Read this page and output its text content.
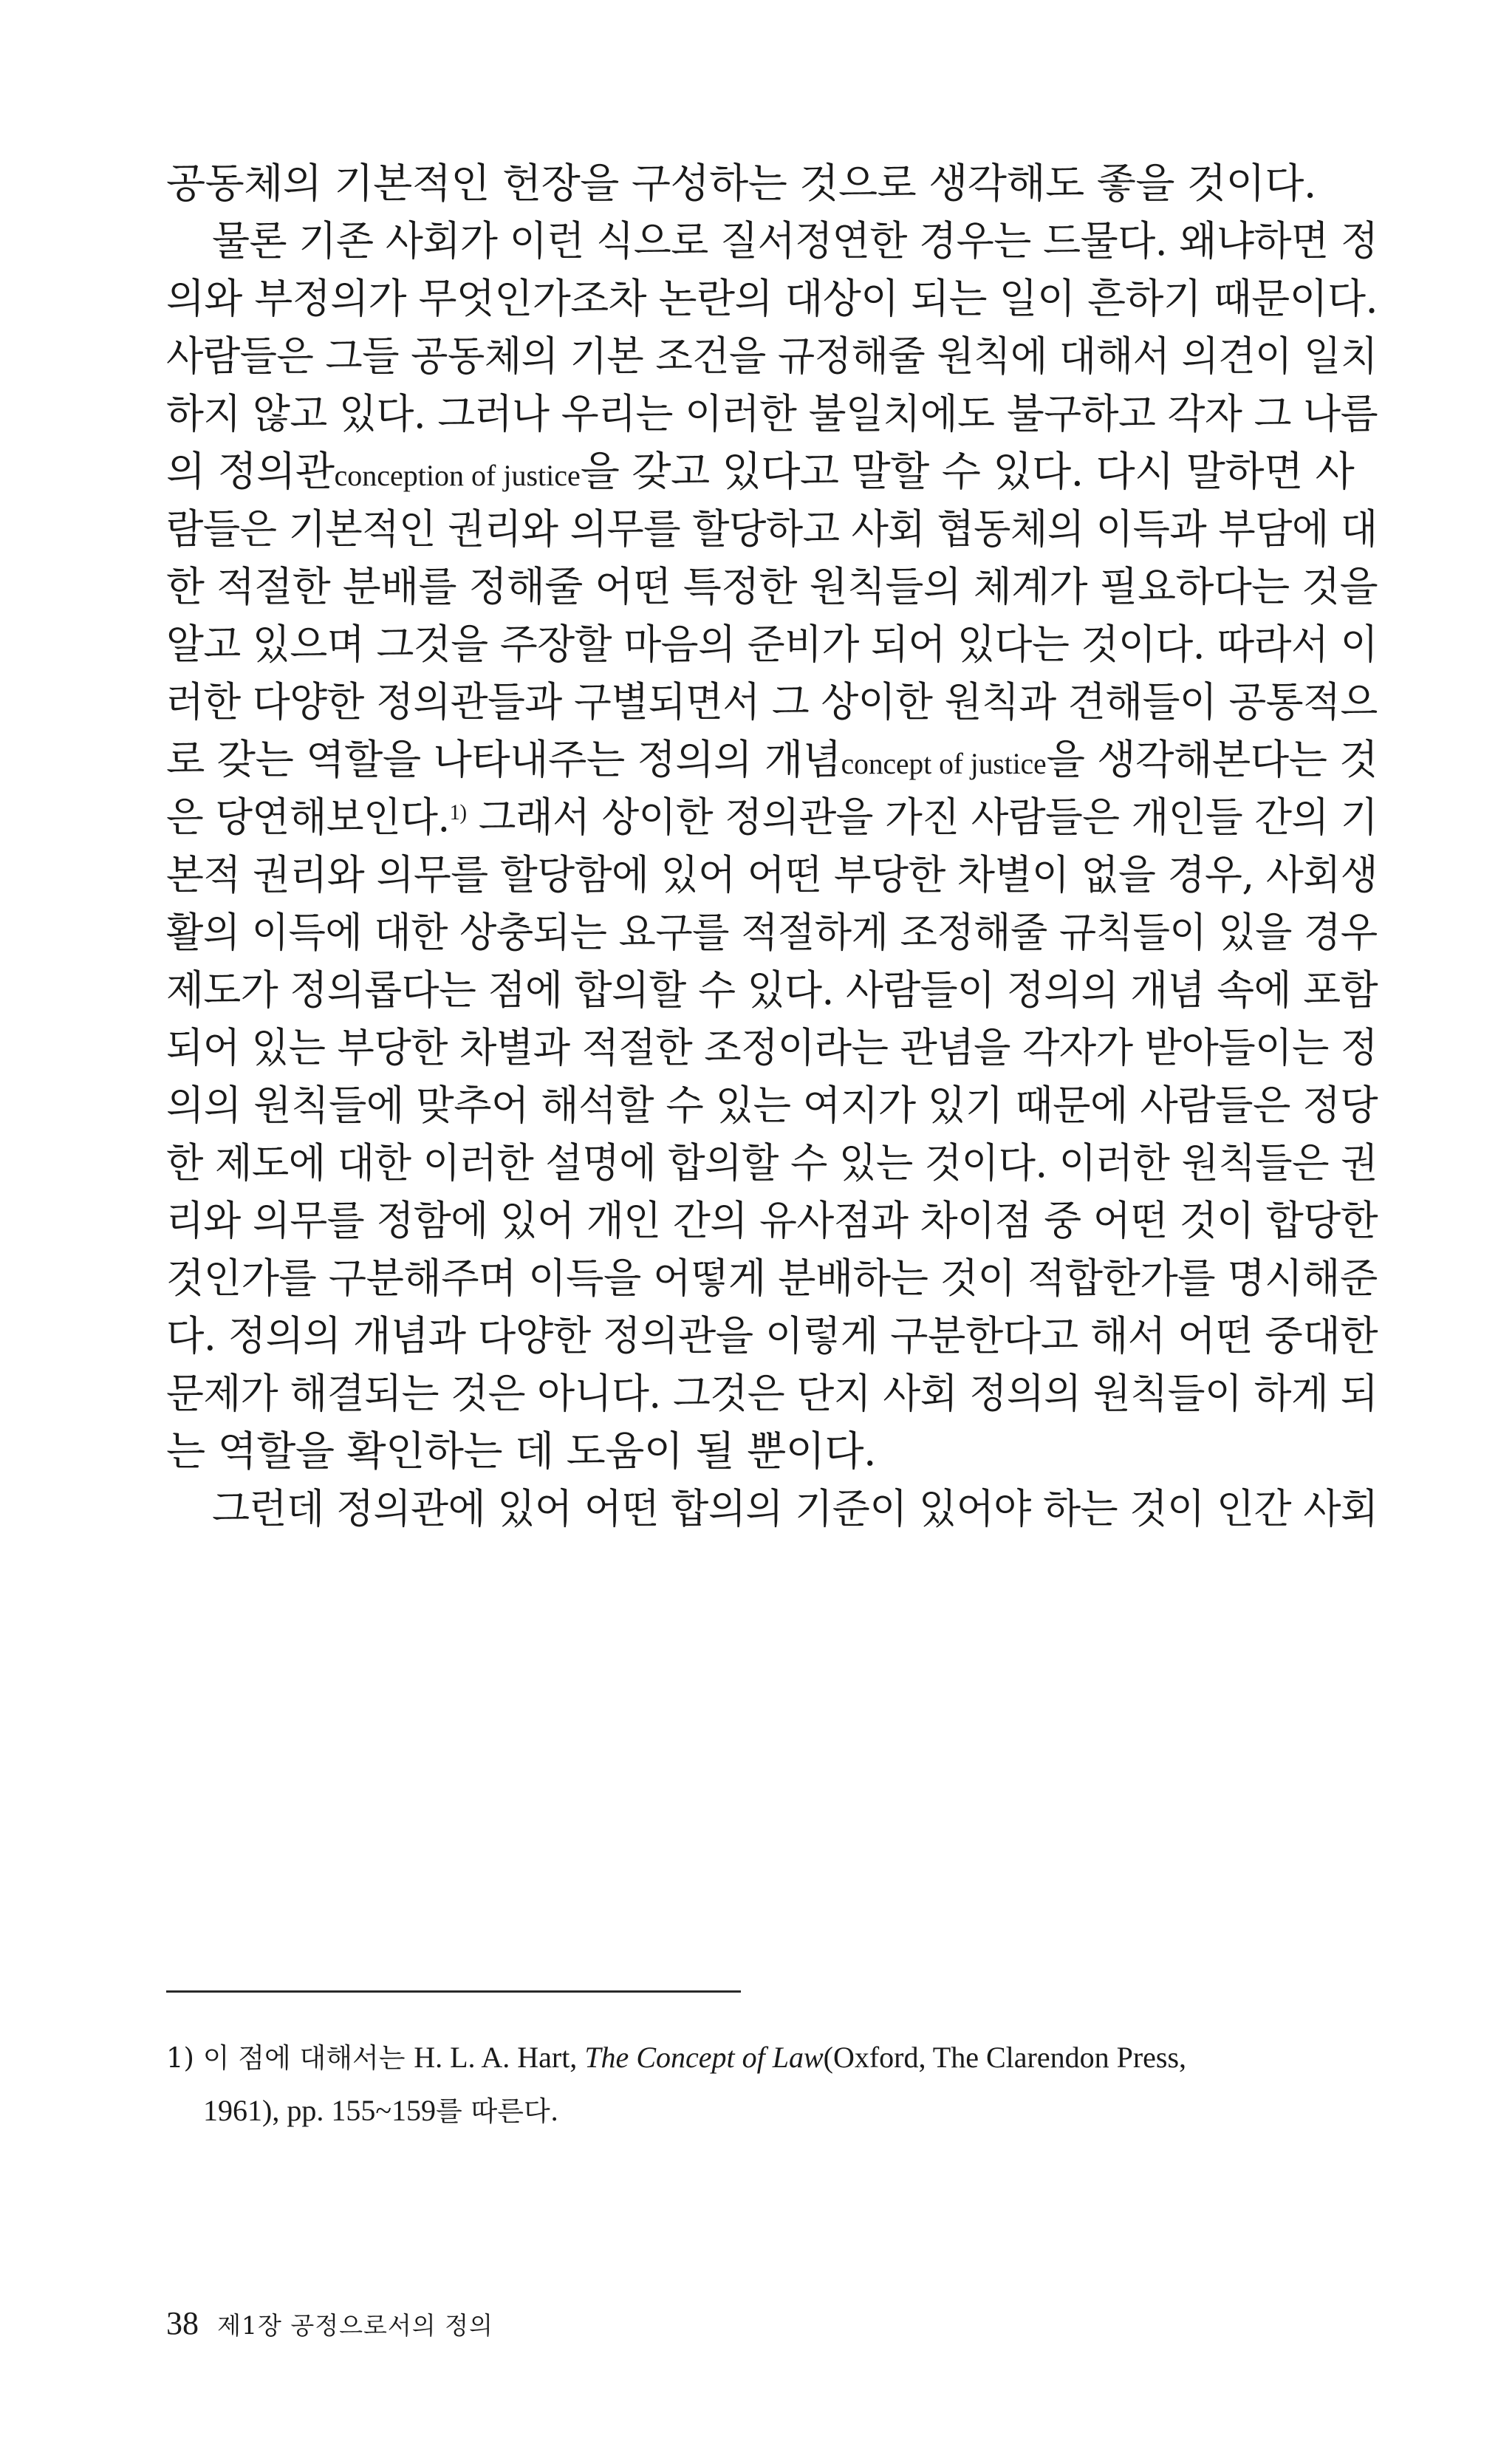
공동체의 기본적인 헌장을 구성하는 것으로 생각해도 좋을 것이다.
물론 기존 사회가 이런 식으로 질서정연한 경우는 드물다. 왜냐하면 정
의와 부정의가 무엇인가조차 논란의 대상이 되는 일이 흔하기 때문이다.
사람들은 그들 공동체의 기본 조건을 규정해줄 원칙에 대해서 의견이 일치
하지 않고 있다. 그러나 우리는 이러한 불일치에도 불구하고 각자 그 나름
의 정의관conception of justice을 갖고 있다고 말할 수 있다. 다시 말하면 사
람들은 기본적인 권리와 의무를 할당하고 사회 협동체의 이득과 부담에 대
한 적절한 분배를 정해줄 어떤 특정한 원칙들의 체계가 필요하다는 것을
알고 있으며 그것을 주장할 마음의 준비가 되어 있다는 것이다. 따라서 이
러한 다양한 정의관들과 구별되면서 그 상이한 원칙과 견해들이 공통적으
로 갖는 역할을 나타내주는 정의의 개념concept of justice을 생각해본다는 것
은 당연해보인다.$^{1)}$ 그래서 상이한 정의관을 가진 사람들은 개인들 간의 기
본적 권리와 의무를 할당함에 있어 어떤 부당한 차별이 없을 경우, 사회생
활의 이득에 대한 상충되는 요구를 적절하게 조정해줄 규칙들이 있을 경우
제도가 정의롭다는 점에 합의할 수 있다. 사람들이 정의의 개념 속에 포함
되어 있는 부당한 차별과 적절한 조정이라는 관념을 각자가 받아들이는 정
의의 원칙들에 맞추어 해석할 수 있는 여지가 있기 때문에 사람들은 정당
한 제도에 대한 이러한 설명에 합의할 수 있는 것이다. 이러한 원칙들은 권
리와 의무를 정함에 있어 개인 간의 유사점과 차이점 중 어떤 것이 합당한
것인가를 구분해주며 이득을 어떻게 분배하는 것이 적합한가를 명시해준
다. 정의의 개념과 다양한 정의관을 이렇게 구분한다고 해서 어떤 중대한
문제가 해결되는 것은 아니다. 그것은 단지 사회 정의의 원칙들이 하게 되
는 역할을 확인하는 데 도움이 될 뿐이다.
그런데 정의관에 있어 어떤 합의의 기준이 있어야 하는 것이 인간 사회
1) 이 점에 대해서는 H. L. A. Hart, The Concept of Law(Oxford, The Clarendon Press,
1961), pp. 155~159를 따른다.
38 제1장 공정으로서의 정의
